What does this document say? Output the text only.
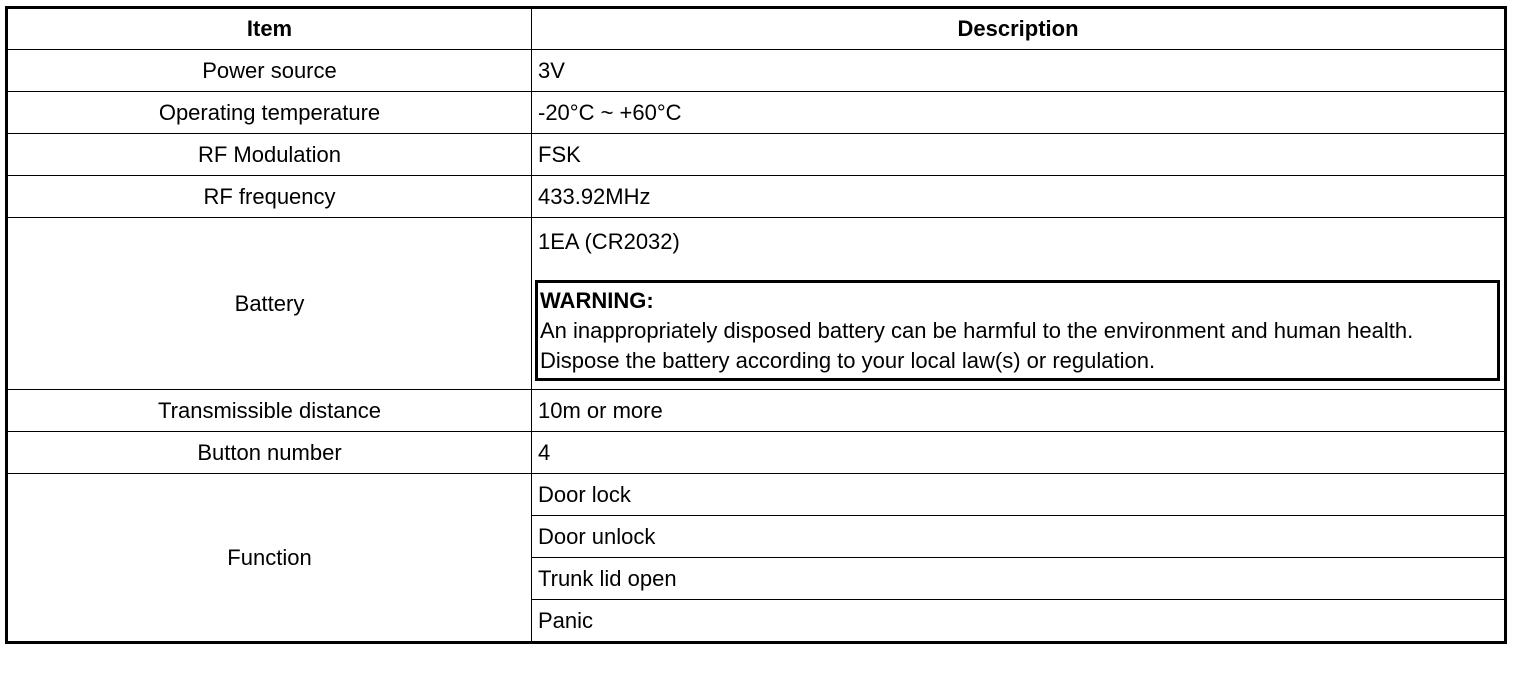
Item	Description
Power source	3V
Operating temperature	-20°C ~ +60°C
RF Modulation	FSK
RF frequency	433.92MHz
Battery	1EA (CR2032)
WARNING:
An inappropriately disposed battery can be harmful to the environment and human health.
Dispose the battery according to your local law(s) or regulation.

Transmissible distance	10m or more
Button number	4
Function	Door lock
	Door unlock
	Trunk lid open
	Panic
